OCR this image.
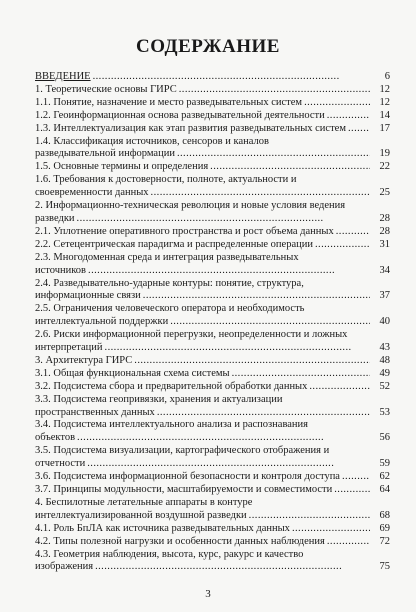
СОДЕРЖАНИЕ
ВВЕДЕНИЕ . . .	6
1. Теоретические основы ГИРС . . .	12
1.1. Понятие, назначение и место разведывательных систем . . .	12
1.2. Геоинформационная основа разведывательной деятельности . . .	14
1.3. Интеллектуализация как этап развития разведывательных систем . . .	17
1.4. Классификация источников, сенсоров и каналов
разведывательной информации . . .	19
1.5. Основные термины и определения . . .	22
1.6. Требования к достоверности, полноте, актуальности и
своевременности данных . . .	25
2. Информационно-техническая революция и новые условия ведения
разведки . . .	28
2.1. Уплотнение оперативного пространства и рост объема данных . . .	28
2.2. Сетецентрическая парадигма и распределенные операции . . .	31
2.3. Многодоменная среда и интеграция разведывательных
источников . . .	34
2.4. Разведывательно-ударные контуры: понятие, структура,
информационные связи . . .	37
2.5. Ограничения человеческого оператора и необходимость
интеллектуальной поддержки . . .	40
2.6. Риски информационной перегрузки, неопределенности и ложных
интерпретаций . . .	43
3. Архитектура ГИРС . . .	48
3.1. Общая функциональная схема системы . . .	49
3.2. Подсистема сбора и предварительной обработки данных . . .	52
3.3. Подсистема геопривязки, хранения и актуализации
пространственных данных . . .	53
3.4. Подсистема интеллектуального анализа и распознавания
объектов . . .	56
3.5. Подсистема визуализации, картографического отображения и
отчетности . . .	59
3.6. Подсистема информационной безопасности и контроля доступа . . .	62
3.7. Принципы модульности, масштабируемости и совместимости . . .	64
4. Беспилотные летательные аппараты в контуре
интеллектуализированной воздушной разведки . . .	68
4.1. Роль БпЛА как источника разведывательных данных . . .	69
4.2. Типы полезной нагрузки и особенности данных наблюдения . . .	72
4.3. Геометрия наблюдения, высота, курс, ракурс и качество
изображения . . .	75
3
